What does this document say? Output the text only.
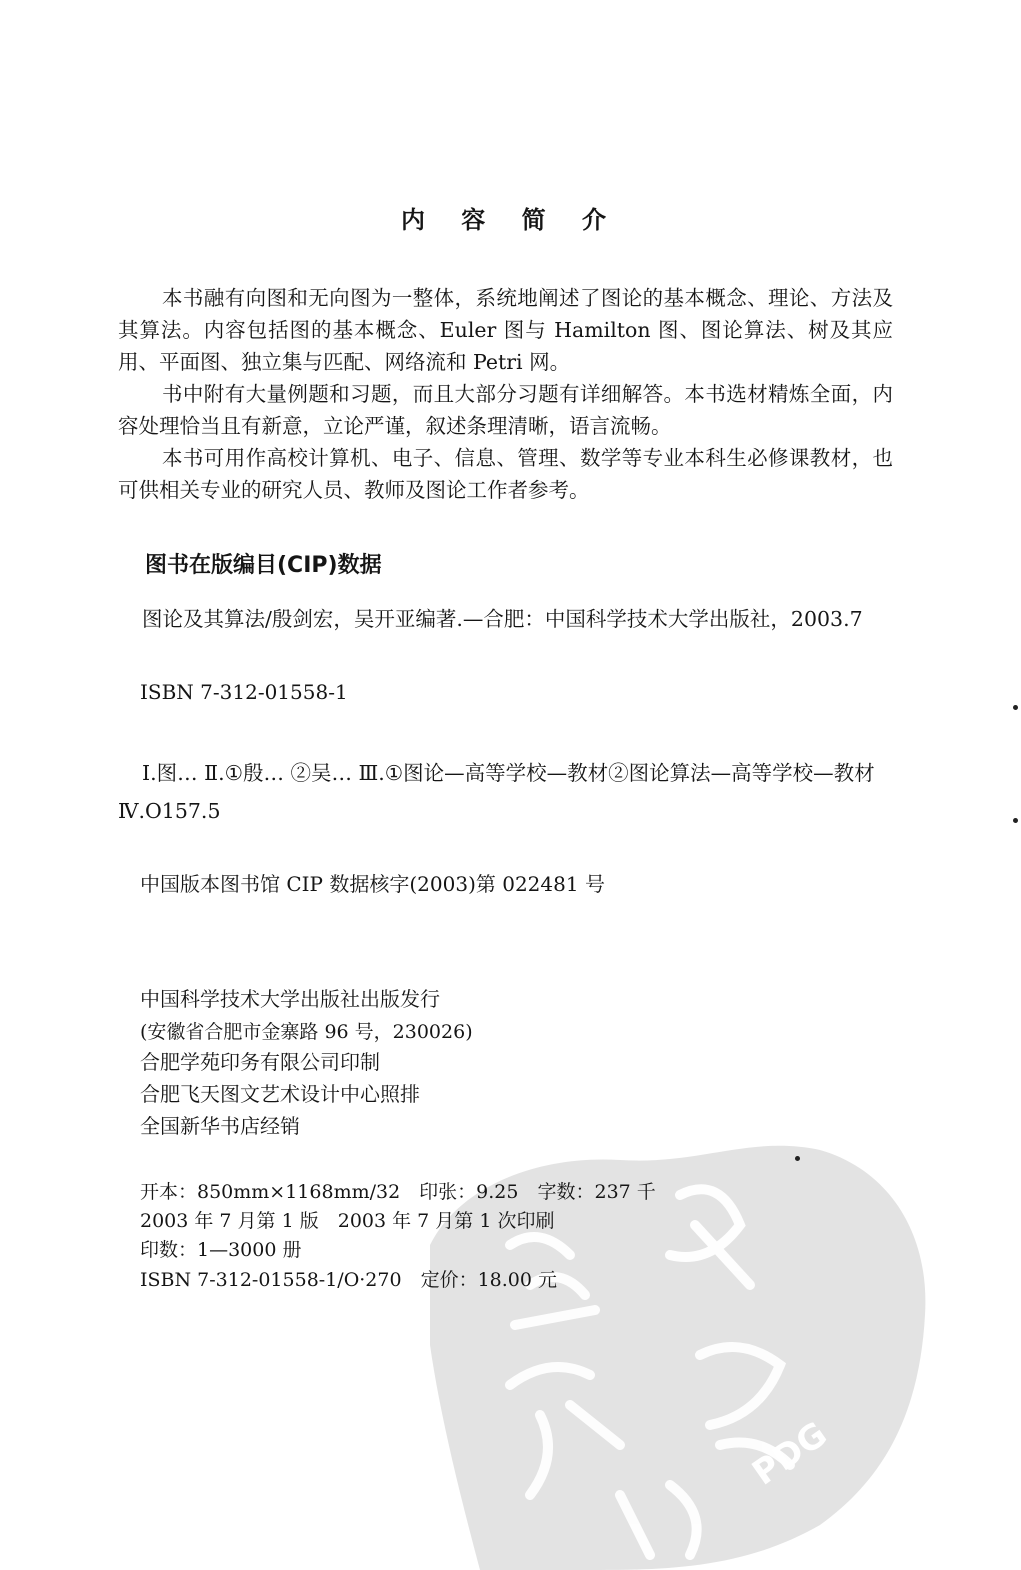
PDG
内 容 简 介
本书融有向图和无向图为一整体，系统地阐述了图论的基本概念、理论、方法及其算法。内容包括图的基本概念、Euler 图与 Hamilton 图、图论算法、树及其应用、平面图、独立集与匹配、网络流和 Petri 网。
书中附有大量例题和习题，而且大部分习题有详细解答。本书选材精炼全面，内容处理恰当且有新意，立论严谨，叙述条理清晰，语言流畅。
本书可用作高校计算机、电子、信息、管理、数学等专业本科生必修课教材，也可供相关专业的研究人员、教师及图论工作者参考。
图书在版编目(CIP)数据
图论及其算法/殷剑宏，吴开亚编著.—合肥：中国科学技术大学出版社，2003.7
ISBN 7-312-01558-1
Ⅰ.图… Ⅱ.①殷… ②吴… Ⅲ.①图论—高等学校—教材②图论算法—高等学校—教材 Ⅳ.O157.5
中国版本图书馆 CIP 数据核字(2003)第 022481 号
中国科学技术大学出版社出版发行
(安徽省合肥市金寨路 96 号，230026)
合肥学苑印务有限公司印制
合肥飞天图文艺术设计中心照排
全国新华书店经销
开本：850mm×1168mm/32　印张：9.25　字数：237 千
2003 年 7 月第 1 版　2003 年 7 月第 1 次印刷
印数：1—3000 册
ISBN 7-312-01558-1/O·270　定价：18.00 元
